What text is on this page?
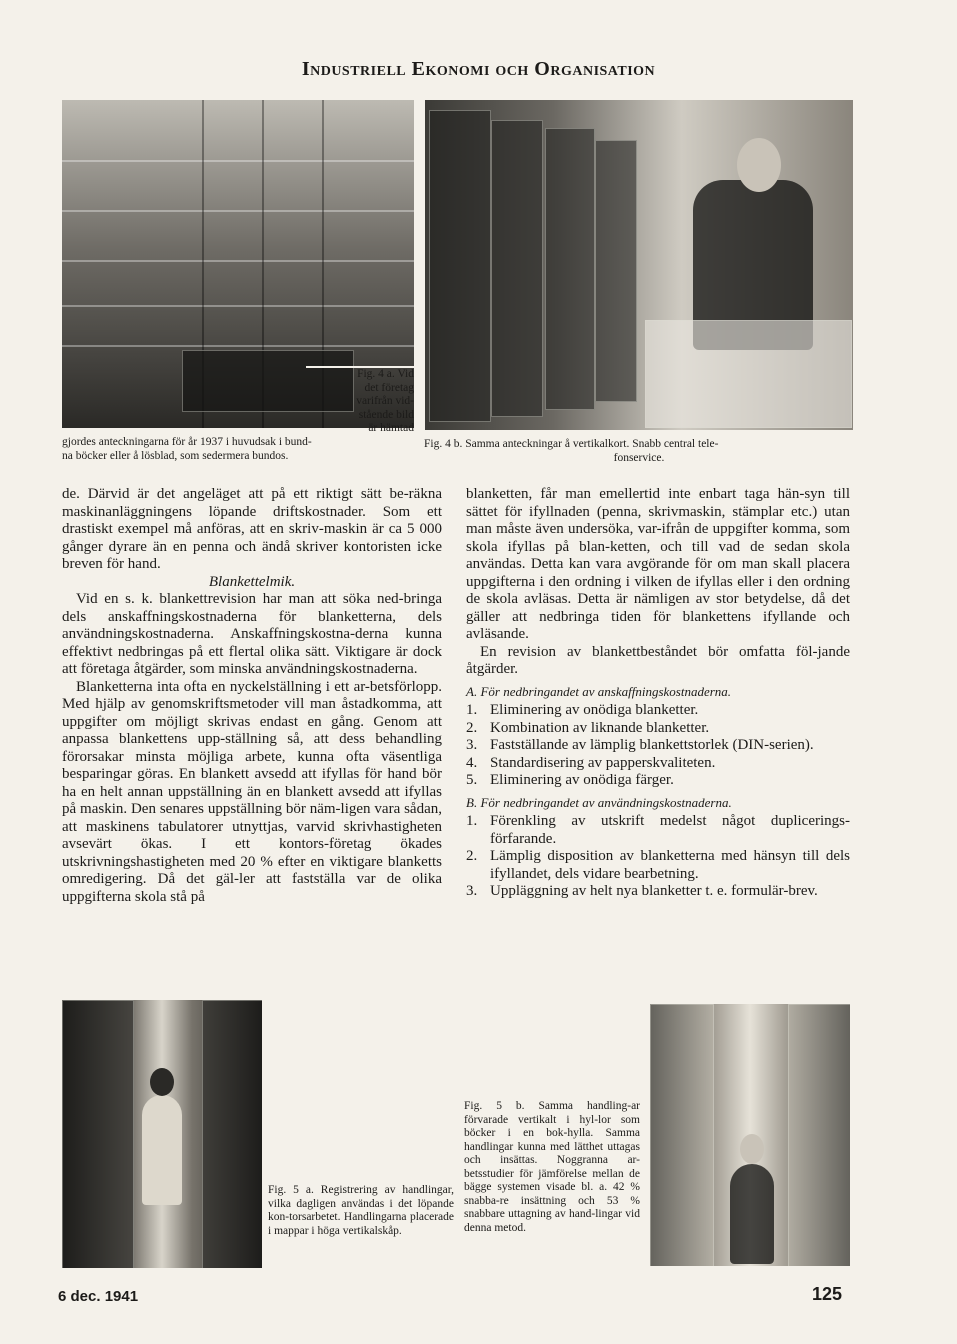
Industriell Ekonomi och Organisation
Fig. 4 a. Vid
det företag
varifrån vid-
stående bild
är hämtad
gjordes anteckningarna för år 1937 i huvudsak i bund-
na böcker eller å lösblad, som sedermera bundos.
Fig. 4 b. Samma anteckningar å vertikalkort. Snabb central tele-
fonservice.

de. Därvid är det angeläget att på ett riktigt sätt be-räkna maskinanläggningens löpande driftskostnader. Som ett drastiskt exempel må anföras, att en skriv-maskin är ca 5 000 gånger dyrare än en penna och ändå skriver kontoristen icke breven för hand.

Blankettelmik.

Vid en s. k. blankettrevision har man att söka ned-bringa dels anskaffningskostnaderna för blanketterna, dels användningskostnaderna. Anskaffningskostna-derna kunna effektivt nedbringas på ett flertal olika sätt. Viktigare är dock att företaga åtgärder, som minska användningskostnaderna.

Blanketterna inta ofta en nyckelställning i ett ar-betsförlopp. Med hjälp av genomskriftsmetoder vill man åstadkomma, att uppgifter om möjligt skrivas endast en gång. Genom att anpassa blankettens upp-ställning så, att dess behandling förorsakar minsta möjliga arbete, kunna ofta väsentliga besparingar göras. En blankett avsedd att ifyllas för hand bör ha en helt annan uppställning än en blankett avsedd att ifyllas på maskin. Den senares uppställning bör näm-ligen vara sådan, att maskinens tabulatorer utnyttjas, varvid skrivhastigheten avsevärt ökas. I ett kontors-företag ökades utskrivningshastigheten med 20 % efter en viktigare blanketts omredigering. Då det gäl-ler att fastställa var de olika uppgifterna skola stå på

blanketten, får man emellertid inte enbart taga hän-syn till sättet för ifyllnaden (penna, skrivmaskin, stämplar etc.) utan man måste även undersöka, var-ifrån de uppgifter komma, som skola ifyllas på blan-ketten, och till vad de sedan skola användas. Detta kan vara avgörande för om man skall placera uppgifterna i den ordning i vilken de ifyllas eller i den ordning de skola avläsas. Detta är nämligen av stor betydelse, då det gäller att nedbringa tiden för blankettens ifyllande och avläsande.

En revision av blankettbeståndet bör omfatta föl-jande åtgärder.

A. För nedbringandet av anskaffningskostnaderna.
1. Eliminering av onödiga blanketter.
2. Kombination av liknande blanketter.
3. Fastställande av lämplig blankettstorlek (DIN-serien).
4. Standardisering av papperskvaliteten.
5. Eliminering av onödiga färger.
B. För nedbringandet av användningskostnaderna.
1. Förenkling av utskrift medelst något duplicerings-förfarande.
2. Lämplig disposition av blanketterna med hänsyn till dels ifyllandet, dels vidare bearbetning.
3. Uppläggning av helt nya blanketter t. e. formulär-brev.
Fig. 5 a. Registrering av handlingar, vilka dagligen användas i det löpande kon-torsarbetet. Handlingarna placerade i mappar i höga vertikalskåp.
Fig. 5 b. Samma handling-ar förvarade vertikalt i hyl-lor som böcker i en bok-hylla. Samma handlingar kunna med lätthet uttagas och insättas. Noggranna ar-betsstudier för jämförelse mellan de bägge systemen visade bl. a. 42 % snabba-re insättning och 53 % snabbare uttagning av hand-lingar vid denna metod.
6 dec. 1941	125
